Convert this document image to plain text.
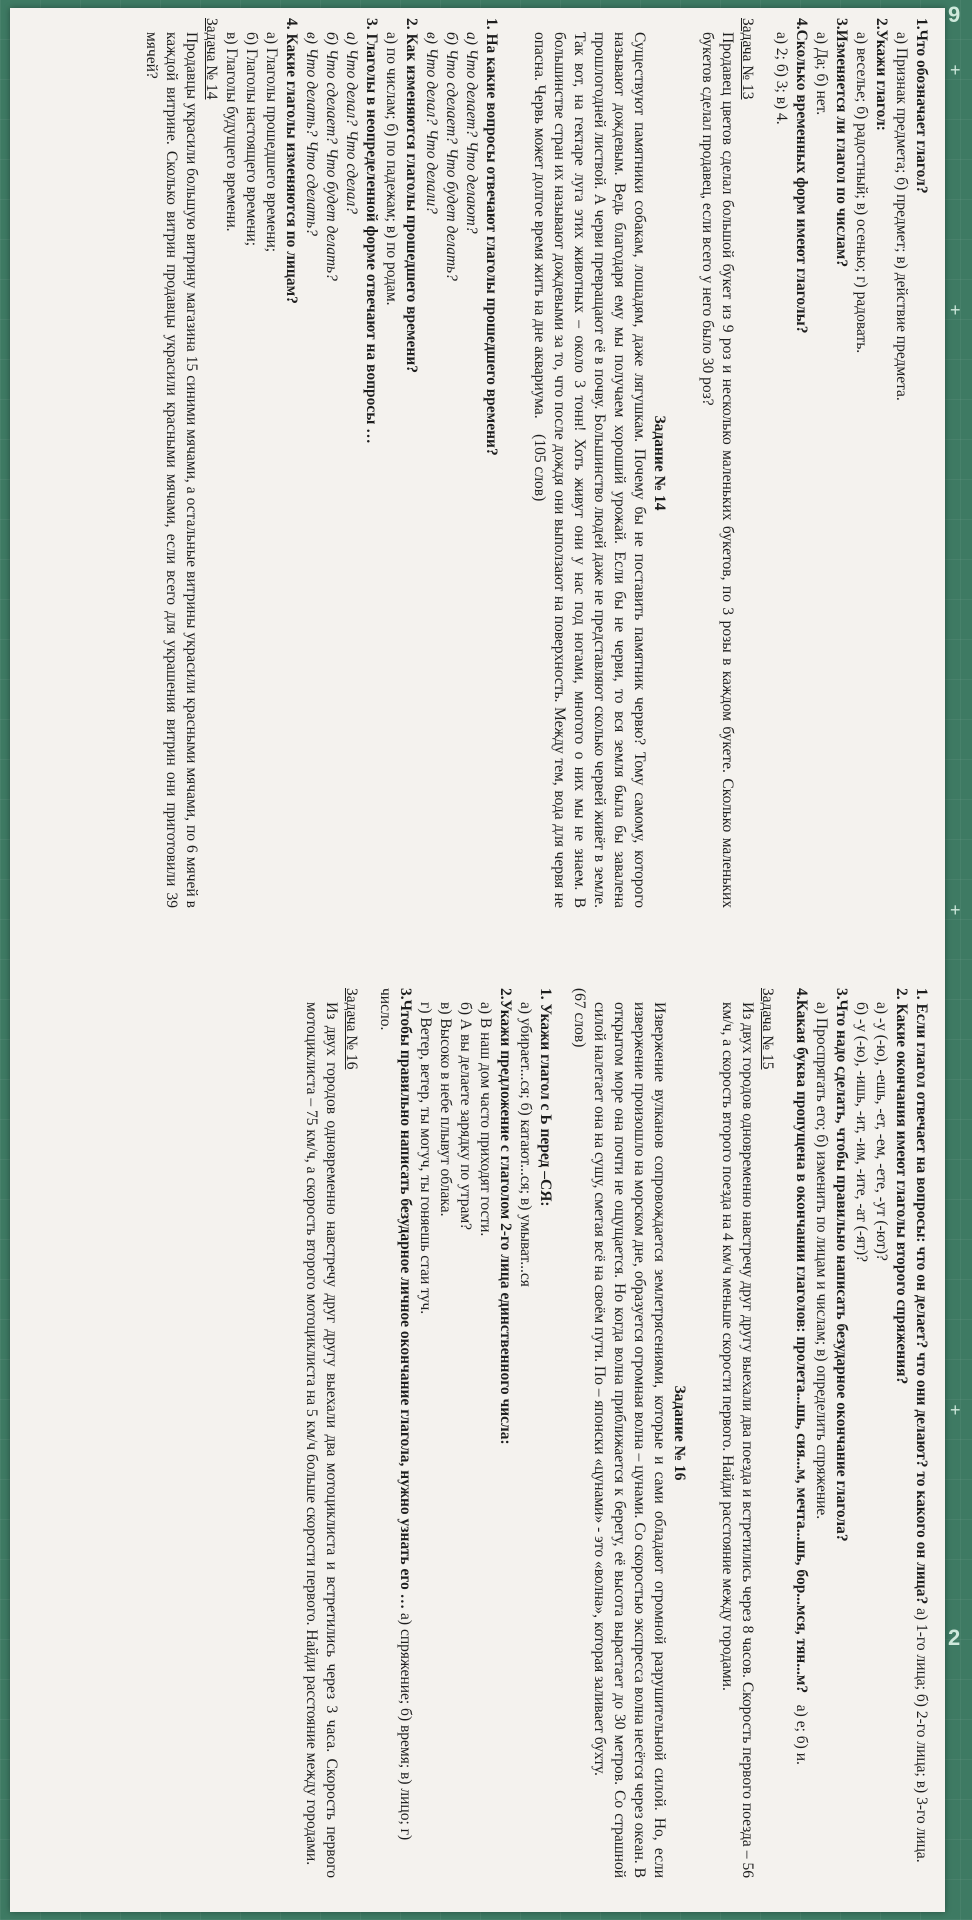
9
2
+
+
+
+

1.Что обозначает глагол?

а) Признак предмета; б) предмет; в) действие предмета.

2.Укажи глагол:

а) веселье; б) радостный; в) осенью; г) радовать.

3.Изменяется ли глагол по числам?

а) Да; б) нет.

4.Сколько временных форм имеют глаголы?

а) 2; б) 3; в) 4.

Задача № 13

Продавец цветов сделал большой букет из 9 роз и несколько маленьких букетов, по 3 розы в каждом букете. Сколько маленьких букетов сделал продавец, если всего у него было 30 роз?

Задание № 14

Существуют памятники собакам, лошадям, даже лягушкам. Почему бы не поставить памятник червю? Тому самому, которого называют дождевым. Ведь благодаря ему мы получаем хороший урожай. Если бы не черви, то вся земля была бы завалена прошлогодней листвой. А черви превращают её в почву. Большинство людей даже не представляют сколько червей живёт в земле. Так вот, на гектаре луга этих животных – около 3 тонн! Хоть живут они у нас под ногами, многого о них мы не знаем. В большинстве стран их называют дождевыми за то, что после дождя они выползают на поверхность. Между тем, вода для червя не опасна. Червь может долгое время жить на дне аквариума.    (105 слов)

1. На какие вопросы отвечают глаголы прошедшего времени?

а) Что делает? Что делают?

б) Что сделает? Что будет делать?

в) Что делал? Что делали?

2. Как изменяются глаголы прошедшего времени?

а) по числам; б) по падежам; в) по родам.

3. Глаголы в неопределенной форме отвечают на вопросы …

а) Что делал? Что сделал?

б) Что сделает? Что будет делать?

в) Что делать? Что сделать?

4. Какие глаголы изменяются по лицам?

а) Глаголы прошедшего времени;

б) Глаголы настоящего времени;

в) Глаголы будущего времени.

Задача № 14

Продавцы украсили большую витрину магазина 15 синими мячами, а остальные витрины украсили красными мячами, по 6 мячей в каждой витрине. Сколько витрин продавцы украсили красными мячами, если всего для украшения витрин они приготовили 39 мячей?

1. Если глагол отвечает на вопросы: что он делает? что они делают? то какого он лица? а) 1-го лица; б) 2-го лица; в) 3-го лица.

2. Какие окончания имеют глаголы второго спряжения?

а) -у (-ю), -ешь, -ет, -ем, -ете, -ут (-ют)?

б) -у (-ю), -ишь, -ит, -им, -ите, -ат (-ят)?

3.Что надо сделать, чтобы правильно написать безударное окончание глагола?

а) Проспрягать его; б) изменить по лицам и числам; в) определить спряжение.

4.Какая буква пропущена в окончании глаголов: пролета...шь, сия...м, мечта...шь, бор...мся, тян...м?   а) е; б) и.

Задача № 15

Из двух городов одновременно навстречу друг другу выехали два поезда и встретились через 8 часов. Скорость первого поезда – 56 км/ч, а скорость второго поезда на 4 км/ч меньше скорости первого. Найди расстояние между городами.

Задание № 16

Извержение вулканов сопровождается землетрясениями, которые и сами обладают огромной разрушительной силой. Но, если извержение произошло на морском дне, образуется огромная волна – цунами. Со скоростью экспресса волна несётся через океан. В открытом море она почти не ощущается. Но когда волна приближается к берегу, её высота вырастает до 30 метров. Со страшной силой налетает она на сушу, сметая всё на своём пути. По – японски «цунами» - это «волна», которая заливает бухту.

(67 слов)

1. Укажи глагол с Ь перед –СЯ:

а) убирает...ся; б) катают...ся; в) умыват...ся

2.Укажи предложение с глаголом 2-го лица единственного числа:

а) В наш дом часто приходят гости.

б) А вы делаете зарядку по утрам?

в) Высоко в небе плывут облака.

г) Ветер, ветер, ты могуч, ты гоняешь стаи туч.

3.Чтобы правильно написать безударное личное окончание глагола, нужно узнать его … а) спряжение; б) время; в) лицо; г) число.

Задача № 16

Из двух городов одновременно навстречу друг другу выехали два мотоциклиста и встретились через 3 часа. Скорость первого мотоциклиста – 75 км/ч, а скорость второго мотоциклиста на 5 км/ч больше скорости первого. Найди расстояние между городами.
